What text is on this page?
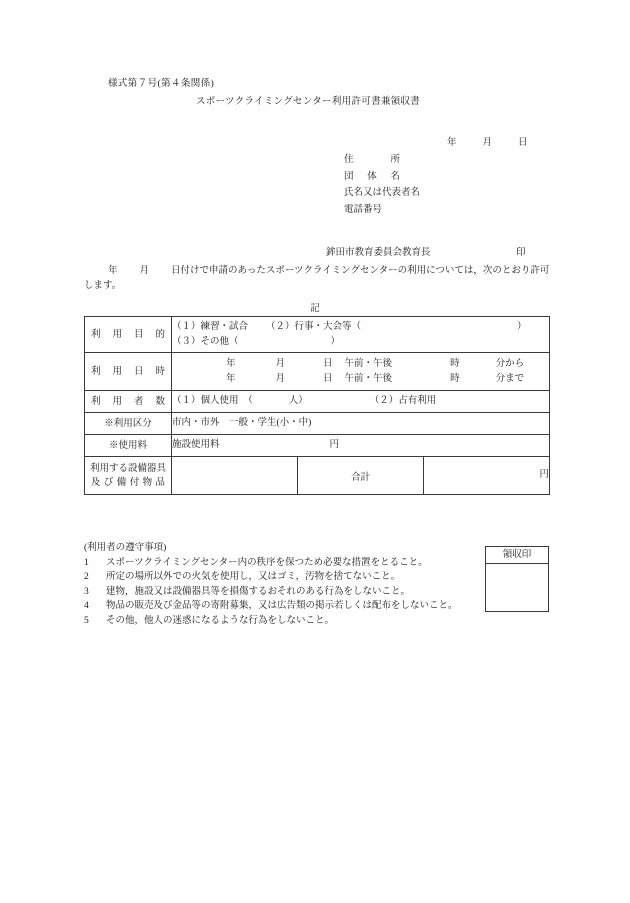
様式第７号(第４条関係)
スポーツクライミングセンター利用許可書兼領収書
年	月	日
住　所
団 体 名
氏名又は代表者名
電話番号
鉾田市教育委員会教育長	印
年 月 日付けで申請のあったスポーツクライミングセンターの利用については，次のとおり許可します。
記
利用目的	（１）練習・試合 （２）行事・大会等（ ）
（３）その他（ ）		

利用日時	年 月 日 午前・午後 時 分から
年 月 日 午前・午後 時 分まで		

利用者数	（１）個人使用　（ 人） （２）占有利用		
※利用区分	市内・市外　一般・学生(小・中)		
※使用料	施設使用料 円		

利用する設備器具
及び備付物品		合計	円
(利用者の遵守事項)
1 スポーツクライミングセンター内の秩序を保つため必要な措置をとること。
2 所定の場所以外での火気を使用し，又はゴミ，汚物を捨てないこと。
3 建物，施設又は設備器具等を損傷するおそれのある行為をしないこと。
4 物品の販売及び金品等の寄附募集，又は広告類の掲示若しくは配布をしないこと。
5 その他，他人の迷惑になるような行為をしないこと。
領収印
